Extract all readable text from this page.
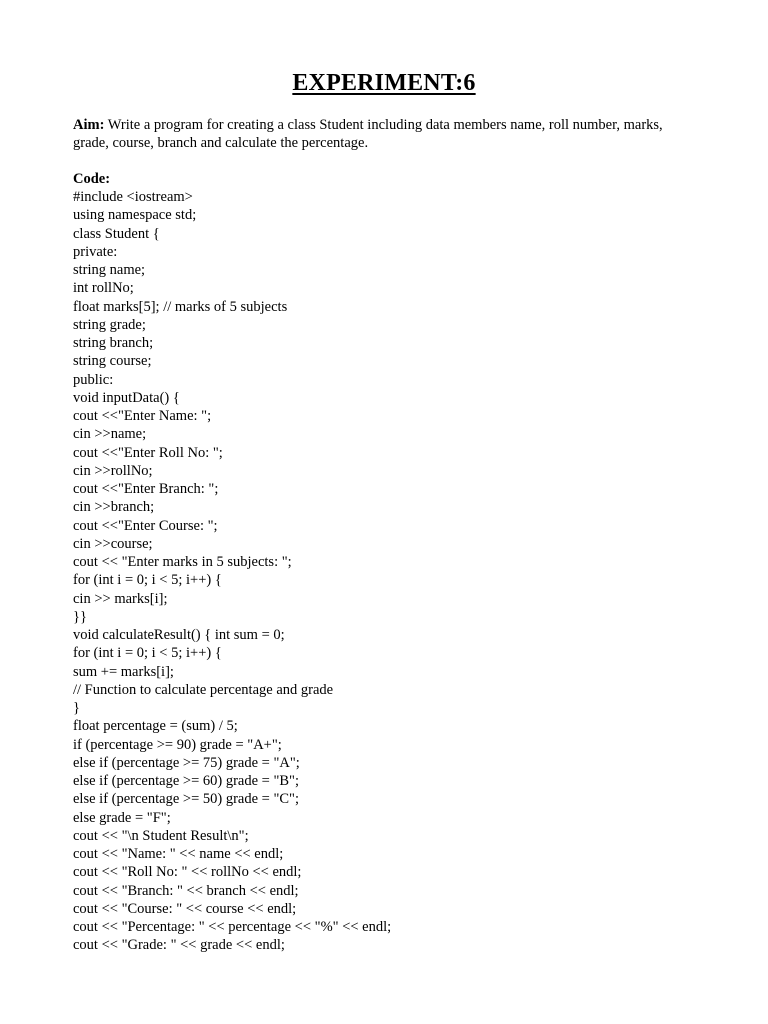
EXPERIMENT:6
Aim: Write a program for creating a class Student including data members name, roll number, marks, grade, course, branch and calculate the percentage.
Code:
#include <iostream>
using namespace std;
class Student {
private:
string name;
int rollNo;
float marks[5]; // marks of 5 subjects
string grade;
string branch;
string course;
public:
void inputData() {
cout <<"Enter Name: ";
cin >>name;
cout <<"Enter Roll No: ";
cin >>rollNo;
cout <<"Enter Branch: ";
cin >>branch;
cout <<"Enter Course: ";
cin >>course;
cout << "Enter marks in 5 subjects: ";
for (int i = 0; i < 5; i++) {
cin >> marks[i];
}}
void calculateResult() { int sum = 0;
for (int i = 0; i < 5; i++) {
sum += marks[i];
// Function to calculate percentage and grade
}
float percentage = (sum) / 5;
if (percentage >= 90) grade = "A+";
else if (percentage >= 75) grade = "A";
else if (percentage >= 60) grade = "B";
else if (percentage >= 50) grade = "C";
else grade = "F";
cout << "\n Student Result\n";
cout << "Name: " << name << endl;
cout << "Roll No: " << rollNo << endl;
cout << "Branch: " << branch << endl;
cout << "Course: " << course << endl;
cout << "Percentage: " << percentage << "%" << endl;
cout << "Grade: " << grade << endl;
